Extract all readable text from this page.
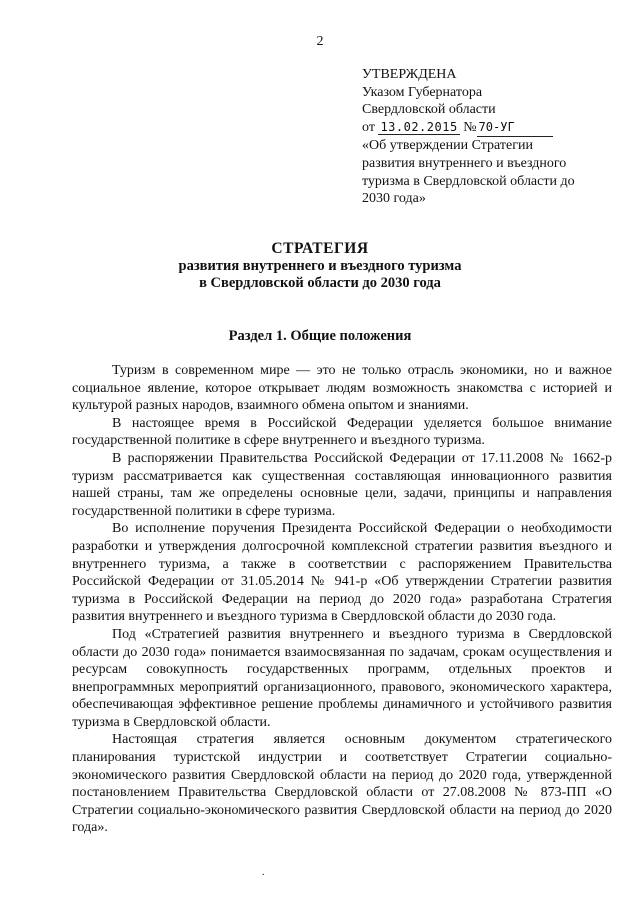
2
УТВЕРЖДЕНА
Указом Губернатора
Свердловской области
от 13.02.2015 № 70-УГ
«Об утверждении Стратегии
развития внутреннего и въездного
туризма в Свердловской области до
2030 года»
СТРАТЕГИЯ
развития внутреннего и въездного туризма
в Свердловской области до 2030 года
Раздел 1. Общие положения

Туризм в современном мире — это не только отрасль экономики, но и важное социальное явление, которое открывает людям возможность знакомства с историей и культурой разных народов, взаимного обмена опытом и знаниями.

В настоящее время в Российской Федерации уделяется большое внимание государственной политике в сфере внутреннего и въездного туризма.

В распоряжении Правительства Российской Федерации от 17.11.2008 № 1662-р туризм рассматривается как существенная составляющая инновационного развития нашей страны, там же определены основные цели, задачи, принципы и направления государственной политики в сфере туризма.

Во исполнение поручения Президента Российской Федерации о необходимости разработки и утверждения долгосрочной комплексной стратегии развития въездного и внутреннего туризма, а также в соответствии с распоряжением Правительства Российской Федерации от 31.05.2014 № 941-р «Об утверждении Стратегии развития туризма в Российской Федерации на период до 2020 года» разработана Стратегия развития внутреннего и въездного туризма в Свердловской области до 2030 года.

Под «Стратегией развития внутреннего и въездного туризма в Свердловской области до 2030 года» понимается взаимосвязанная по задачам, срокам осуществления и ресурсам совокупность государственных программ, отдельных проектов и внепрограммных мероприятий организационного, правового, экономического характера, обеспечивающая эффективное решение проблемы динамичного и устойчивого развития туризма в Свердловской области.

Настоящая стратегия является основным документом стратегического планирования туристской индустрии и соответствует Стратегии социально-экономического развития Свердловской области на период до 2020 года, утвержденной постановлением Правительства Свердловской области от 27.08.2008 № 873-ПП «О Стратегии социально-экономического развития Свердловской области на период до 2020 года».

.
